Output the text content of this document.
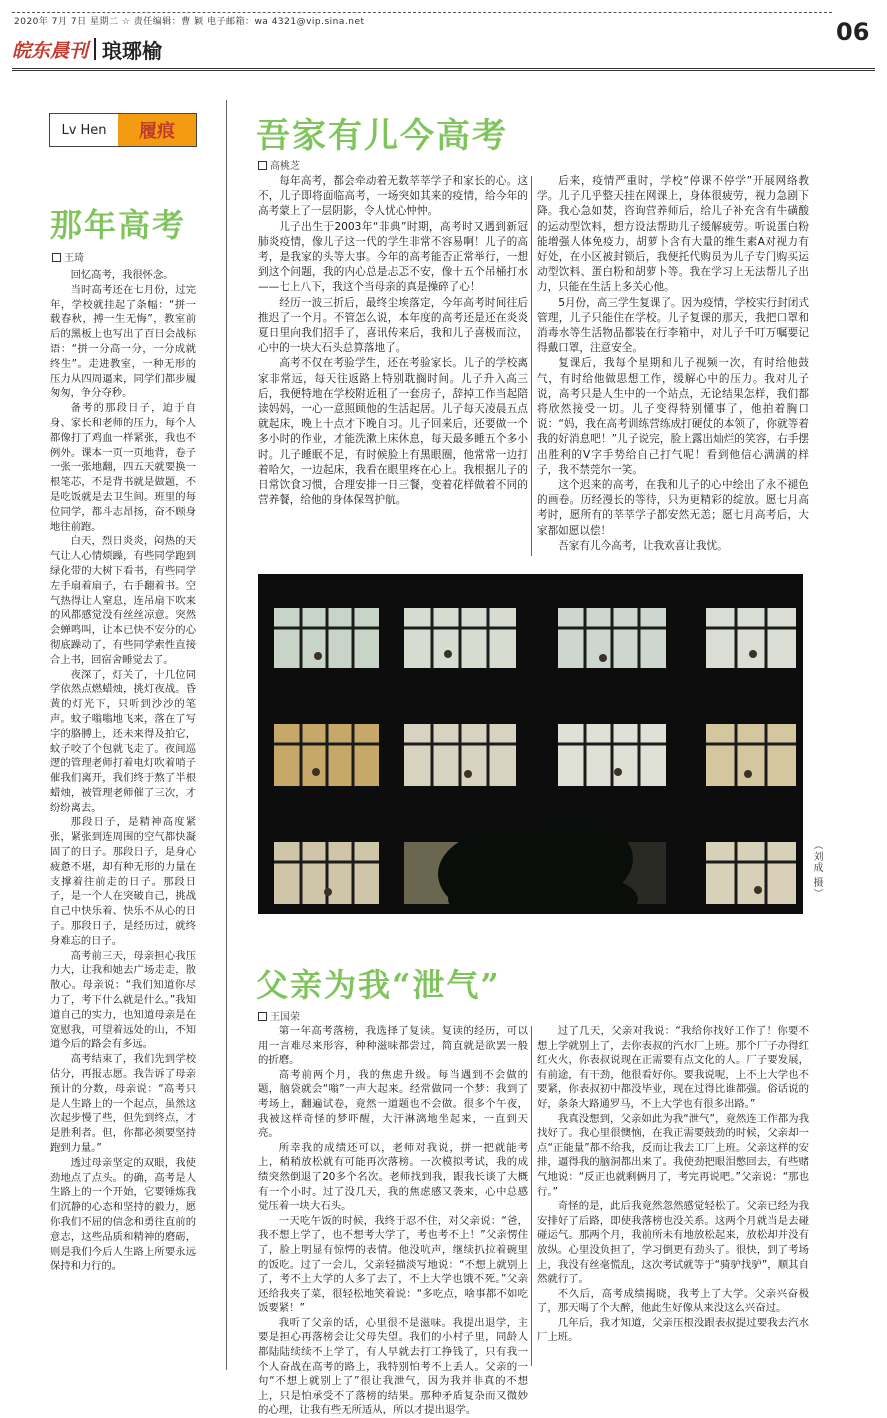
2020年 7月 7日 星期二 ☆ 责任编辑：曹 颖 电子邮箱：wa 4321@vip.sina.net	06
皖东晨刊 琅琊榆
Lv Hen	履痕
那年高考
王琦

回忆高考，我很怀念。

当时高考还在七月份，过完年，学校就挂起了条幅：“拼一载春秋，搏一生无悔”，教室前后的黑板上也写出了百日会战标语：“拼一分高一分，一分成就终生”。走进教室，一种无形的压力从四周逼来，同学们都步履匆匆，争分夺秒。

备考的那段日子，迫于自身、家长和老师的压力，每个人都像打了鸡血一样紧张，我也不例外。课本一页一页地背，卷子一张一张地翻，四五天就要换一根笔芯，不是背书就是做题，不是吃饭就是去卫生间。班里的每位同学，都斗志昂扬，奋不顾身地往前跑。

白天，烈日炎炎，闷热的天气让人心情烦躁，有些同学跑到绿化带的大树下看书，有些同学左手扇着扇子，右手翻着书。空气热得让人窒息，连吊扇下吹来的风都感觉没有丝丝凉意。突然会蝉鸣叫，让本已快不安分的心彻底躁动了，有些同学索性直接合上书，回宿舍睡觉去了。

夜深了，灯关了，十几位同学依然点燃蜡烛，挑灯夜战。昏黄的灯光下，只听到沙沙的笔声。蚊子嗡嗡地飞来，落在了写字的胳膊上，还未来得及拍它，蚊子咬了个包就飞走了。夜间巡逻的管理老师打着电灯吹着哨子催我们离开，我们终于熬了半根蜡烛，被管理老师催了三次，才纷纷离去。

那段日子，是精神高度紧张，紧张到连周围的空气都快凝固了的日子。那段日子，是身心疲惫不堪，却有种无形的力量在支撑着往前走的日子。那段日子，是一个人在突破自己，挑战自己中快乐着、快乐不从心的日子。那段日子，是经历过，就终身难忘的日子。

高考前三天，母亲担心我压力大，让我和她去广场走走，散散心。母亲说：“我们知道你尽力了，考下什么就是什么。”我知道自己的实力，也知道母亲是在宽慰我，可望着远处的山，不知道今后的路会有多远。

高考结束了，我们先到学校估分，再报志愿。我告诉了母亲预计的分数，母亲说：“高考只是人生路上的一个起点，虽然这次起步慢了些，但先到终点，才是胜利者。但，你都必须要坚持跑到力量。”

透过母亲坚定的双眼，我使劲地点了点头。的确，高考是人生路上的一个开始，它要锤炼我们沉静的心态和坚持的毅力，愿你我们不屈的信念和勇往直前的意志，这些品质和精神的磨砺，则是我们今后人生路上所要永远保持和力行的。

吾家有儿今高考
高桃芝

每年高考，都会牵动着无数莘莘学子和家长的心。这不，儿子即将面临高考，一场突如其来的疫情，给今年的高考蒙上了一层阴影，令人忧心忡忡。

儿子出生于2003年“非典”时期，高考时又遇到新冠肺炎疫情，像儿子这一代的学生非常不容易啊！儿子的高考，是我家的头等大事。今年的高考能否正常举行，一想到这个问题，我的内心总是忐忑不安，像十五个吊桶打水——七上八下，我这个当母亲的真是操碎了心！

经历一波三折后，最终尘埃落定，今年高考时间往后推迟了一个月。不管怎么说，本年度的高考还是还在炎炎夏日里向我们招手了，喜讯传来后，我和儿子喜极而泣，心中的一块大石头总算落地了。

高考不仅在考验学生，还在考验家长。儿子的学校离家非常远，每天往返路上特别耽搁时间。儿子升入高三后，我便特地在学校附近租了一套房子，辞掉工作当起陪读妈妈，一心一意照顾他的生活起居。儿子每天凌晨五点就起床，晚上十点才下晚自习。儿子回来后，还要做一个多小时的作业，才能洗漱上床休息，每天最多睡五个多小时。儿子睡眠不足，有时候脸上有黑眼圈，他常常一边打着哈欠，一边起床，我看在眼里疼在心上。我根据儿子的日常饮食习惯，合理安排一日三餐，变着花样做着不同的营养餐，给他的身体保驾护航。

后来，疫情严重时，学校“停课不停学”开展网络教学。儿子几乎整天挂在网课上，身体很疲劳，视力急剧下降。我心急如焚，咨询营养师后，给儿子补充含有牛磺酸的运动型饮料，想方设法帮助儿子缓解疲劳。听说蛋白粉能增强人体免疫力，胡萝卜含有大量的维生素A对视力有好处，在小区被封锁后，我便托代购员为儿子专门购买运动型饮料、蛋白粉和胡萝卜等。我在学习上无法帮儿子出力，只能在生活上多关心他。

5月份，高三学生复课了。因为疫情，学校实行封闭式管理，儿子只能住在学校。儿子复课的那天，我把口罩和消毒水等生活物品都装在行李箱中，对儿子千叮万嘱要记得戴口罩，注意安全。

复课后，我每个星期和儿子视频一次，有时给他鼓气，有时给他做思想工作，缓解心中的压力。我对儿子说，高考只是人生中的一个站点，无论结果怎样，我们都将欣然接受一切。儿子变得特别懂事了，他拍着胸口说：“妈，我在高考训练营练成打硬仗的本领了，你就等着我的好消息吧！”儿子说完，脸上露出灿烂的笑容，右手摆出胜利的V字手势给自己打气呢！看到他信心满满的样子，我不禁莞尔一笑。

这个迟来的高考，在我和儿子的心中绘出了永不褪色的画卷。历经漫长的等待，只为更精彩的绽放。愿七月高考时，愿所有的莘莘学子都安然无恙；愿七月高考后，大家都如愿以偿！

吾家有儿今高考，让我欢喜让我忧。

（刘成 摄）
父亲为我“泄气”
王国荣

第一年高考落榜，我选择了复读。复读的经历，可以用一言难尽来形容，种种滋味都尝过，简直就是欲罢一般的折磨。

高考前两个月，我的焦虑升级。每当遇到不会做的题，脑袋就会“嗡”一声大起来。经常做同一个梦：我到了考场上，翻遍试卷，竟然一道题也不会做。很多个午夜，我被这样奇怪的梦吓醒，大汗淋漓地坐起来，一直到天亮。

所幸我的成绩还可以，老师对我说，拼一把就能考上，稍稍放松就有可能再次落榜。一次模拟考试，我的成绩突然倒退了20多个名次。老师找到我，跟我长谈了大概有一个小时。过了没几天，我的焦虑感又袭来，心中总感觉压着一块大石头。

一天吃午饭的时候，我终于忍不住，对父亲说：“爸，我不想上学了，也不想考大学了，考也考不上！”父亲愣住了，脸上明显有惊愕的表情。他没吭声，继续扒拉着碗里的饭吃。过了一会儿，父亲轻描淡写地说：“不想上就别上了，考不上大学的人多了去了，不上大学也饿不死。”父亲还给我夹了菜，很轻松地笑着说：“多吃点，啥事都不如吃饭要紧！”

我听了父亲的话，心里很不是滋味。我提出退学，主要是担心再落榜会让父母失望。我们的小村子里，同龄人都陆陆续续不上学了，有人早就去打工挣钱了，只有我一个人奋战在高考的路上，我特别怕考不上丢人。父亲的一句“不想上就别上了”很让我泄气，因为我并非真的不想上，只是怕承受不了落榜的结果。那种矛盾复杂而又微妙的心理，让我有些无所适从，所以才提出退学。

过了几天，父亲对我说：“我给你找好工作了！你要不想上学就别上了，去你表叔的汽水厂上班。那个厂子办得红红火火，你表叔说现在正需要有点文化的人。厂子要发展，有前途，有干劲，他很看好你。要我说呢，上不上大学也不要紧，你表叔初中都没毕业，现在过得比谁都强。俗话说的好，条条大路通罗马，不上大学也有很多出路。”

我真没想到，父亲如此为我“泄气”，竟然连工作都为我找好了。我心里很懊恼，在我正需要鼓劲的时候，父亲却一点“正能量”都不给我，反而让我去工厂上班。父亲这样的安排，逼得我的脑洞都出来了。我使劲把眼泪憋回去，有些赌气地说：“反正也就剩俩月了，考完再说吧。”父亲说：“那也行。”

奇怪的是，此后我竟然忽然感觉轻松了。父亲已经为我安排好了后路，即使我落榜也没关系。这两个月就当是去碰碰运气。那两个月，我前所未有地放松起来，放松却并没有放纵。心里没负担了，学习倒更有劲头了。很快，到了考场上，我没有丝毫慌乱，这次考试就等于“骑驴找驴”，顺其自然就行了。

不久后，高考成绩揭晓，我考上了大学。父亲兴奋极了，那天喝了个大醉，他此生好像从来没这么兴奋过。

几年后，我才知道，父亲压根没跟表叔提过要我去汽水厂上班。
